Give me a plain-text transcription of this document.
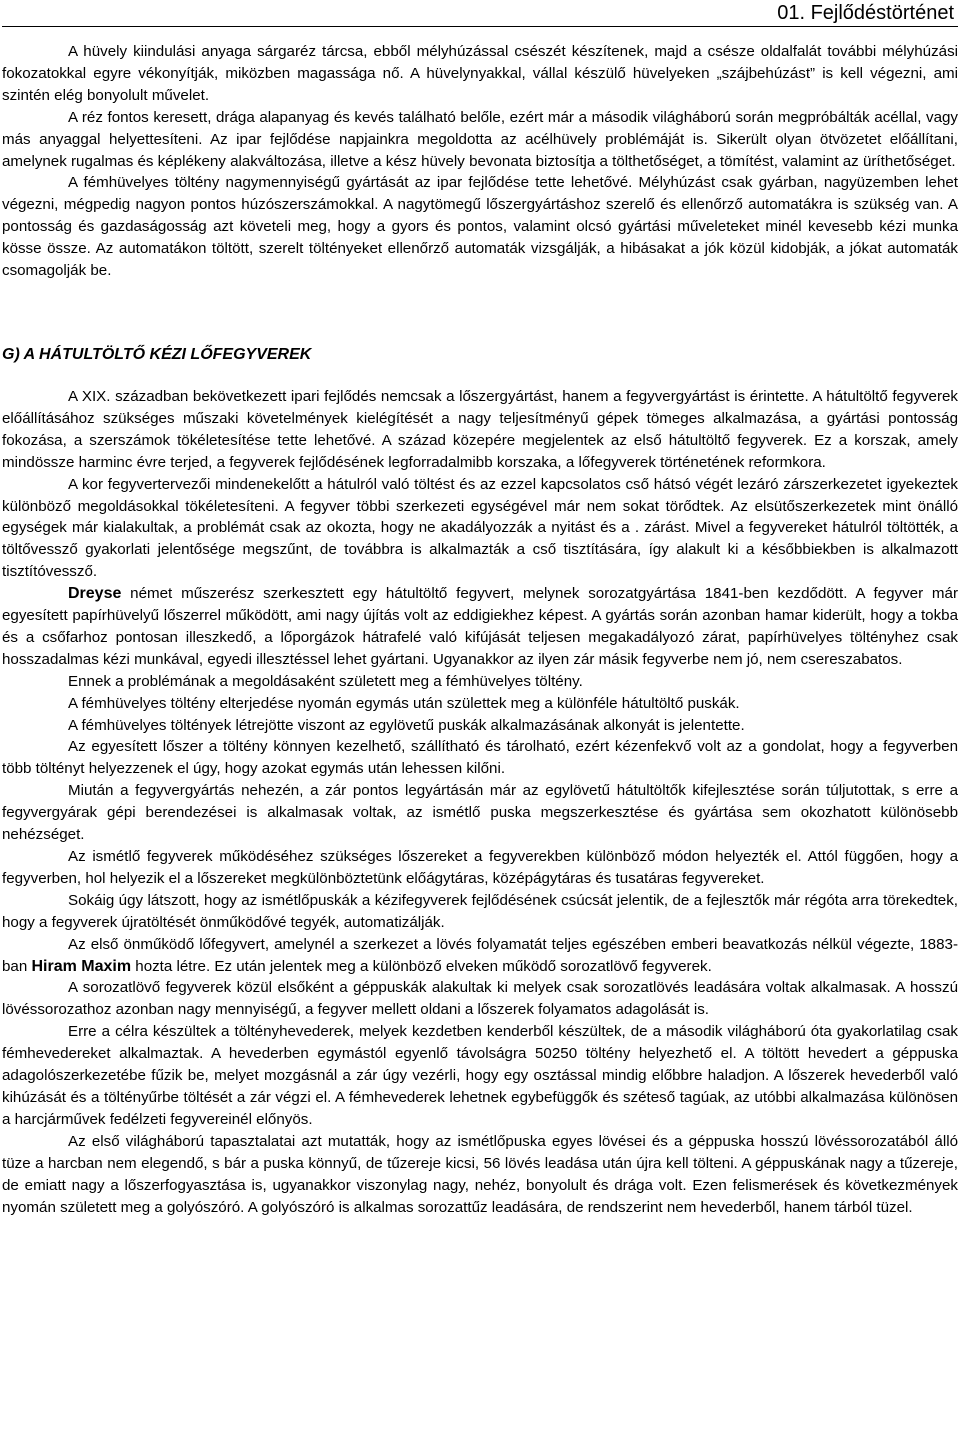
01. Fejlődéstörténet

A hüvely kiindulási anyaga sárgaréz tárcsa, ebből mélyhúzással csészét készítenek, majd a csésze oldalfalát további mélyhúzási fokozatokkal egyre vékonyítják, miközben magassága nő. A hüvelynyakkal, vállal készülő hüvelyeken „szájbehúzást” is kell végezni, ami szintén elég bonyolult művelet.

A réz fontos keresett, drága alapanyag és kevés található belőle, ezért már a második világháború során megpróbálták acéllal, vagy más anyaggal helyettesíteni. Az ipar fejlődése napjainkra megoldotta az acélhüvely problémáját is. Sikerült olyan ötvözetet előállítani, amelynek rugalmas és képlékeny alakváltozása, illetve a kész hüvely bevonata biztosítja a tölthetőséget, a tömítést, valamint az üríthetőséget.

A fémhüvelyes töltény nagymennyiségű gyártását az ipar fejlődése tette lehetővé. Mélyhúzást csak gyárban, nagyüzemben lehet végezni, mégpedig nagyon pontos húzószerszámokkal. A nagytömegű lőszergyártáshoz szerelő és ellenőrző automatákra is szükség van. A pontosság és gazdaságosság azt követeli meg, hogy a gyors és pontos, valamint olcsó gyártási műveleteket minél kevesebb kézi munka kösse össze. Az automatákon töltött, szerelt töltényeket ellenőrző automaták vizsgálják, a hibásakat a jók közül kidobják, a jókat automaták csomagolják be.

G) A HÁTULTÖLTŐ KÉZI LŐFEGYVEREK

A XIX. században bekövetkezett ipari fejlődés nemcsak a lőszergyártást, hanem a fegyvergyártást is érintette. A hátultöltő fegyverek előállításához szükséges műszaki követelmények kielégítését a nagy teljesítményű gépek tömeges alkalmazása, a gyártási pontosság fokozása, a szerszámok tökéletesítése tette lehetővé. A század közepére megjelentek az első hátultöltő fegyverek. Ez a korszak, amely mindössze harminc évre terjed, a fegyverek fejlődésének legforradalmibb korszaka, a lőfegyverek történetének reformkora.

A kor fegyvertervezői mindenekelőtt a hátulról való töltést és az ezzel kapcsolatos cső hátsó végét lezáró zárszerkezetet igyekeztek különböző megoldásokkal tökéletesíteni. A fegyver többi szerkezeti egységével már nem sokat törődtek. Az elsütőszerkezetek mint önálló egységek már kialakultak, a problémát csak az okozta, hogy ne akadályozzák a nyitást és a . zárást. Mivel a fegyvereket hátulról töltötték, a töltővessző gyakorlati jelentősége megszűnt, de továbbra is alkalmazták a cső tisztítására, így alakult ki a későbbiekben is alkalmazott tisztítóvessző.

Dreyse német műszerész szerkesztett egy hátultöltő fegyvert, melynek sorozatgyártása 1841-ben kezdődött. A fegyver már egyesített papírhüvelyű lőszerrel működött, ami nagy újítás volt az eddigiekhez képest. A gyártás során azonban hamar kiderült, hogy a tokba és a csőfarhoz pontosan illeszkedő, a lőporgázok hátrafelé való kifújását teljesen megakadályozó zárat, papírhüvelyes töltényhez csak hosszadalmas kézi munkával, egyedi illesztéssel lehet gyártani. Ugyanakkor az ilyen zár másik fegyverbe nem jó, nem csereszabatos.

Ennek a problémának a megoldásaként született meg a fémhüvelyes töltény.

A fémhüvelyes töltény elterjedése nyomán egymás után születtek meg a különféle hátultöltő puskák.

A fémhüvelyes töltények létrejötte viszont az egylövetű puskák alkalmazásának alkonyát is jelentette.

Az egyesített lőszer a töltény könnyen kezelhető, szállítható és tárolható, ezért kézenfekvő volt az a gondolat, hogy a fegyverben több töltényt helyezzenek el úgy, hogy azokat egymás után lehessen kilőni.

Miután a fegyvergyártás nehezén, a zár pontos legyártásán már az egylövetű hátultöltők kifejlesztése során túljutottak, s erre a fegyvergyárak gépi berendezései is alkalmasak voltak, az ismétlő puska megszerkesztése és gyártása sem okozhatott különösebb nehézséget.

Az ismétlő fegyverek működéséhez szükséges lőszereket a fegyverekben különböző módon helyezték el. Attól függően, hogy a fegyverben, hol helyezik el a lőszereket megkülönböztetünk előágytáras, középágytáras és tusatáras fegyvereket.

Sokáig úgy látszott, hogy az ismétlőpuskák a kézifegyverek fejlődésének csúcsát jelentik, de a fejlesztők már régóta arra törekedtek, hogy a fegyverek újratöltését önműködővé tegyék, automatizálják.

Az első önműködő lőfegyvert, amelynél a szerkezet a lövés folyamatát teljes egészében emberi beavatkozás nélkül végezte, 1883-ban Hiram Maxim hozta létre. Ez után jelentek meg a különböző elveken működő sorozatlövő fegyverek.

A sorozatlövő fegyverek közül elsőként a géppuskák alakultak ki melyek csak sorozatlövés leadására voltak alkalmasak. A hosszú lövéssorozathoz azonban nagy mennyiségű, a fegyver mellett oldani a lőszerek folyamatos adagolását is.

Erre a célra készültek a töltényhevederek, melyek kezdetben kenderből készültek, de a második világháború óta gyakorlatilag csak fémhevedereket alkalmaztak. A hevederben egymástól egyenlő távolságra 50250 töltény helyezhető el. A töltött hevedert a géppuska adagolószerkezetébe fűzik be, melyet mozgásnál a zár úgy vezérli, hogy egy osztással mindig előbbre haladjon. A lőszerek hevederből való kihúzását és a töltényűrbe töltését a zár végzi el. A fémhevederek lehetnek egybefüggők és széteső tagúak, az utóbbi alkalmazása különösen a harcjárművek fedélzeti fegyvereinél előnyös.

Az első világháború tapasztalatai azt mutatták, hogy az ismétlőpuska egyes lövései és a géppuska hosszú lövéssorozatából álló tüze a harcban nem elegendő, s bár a puska könnyű, de tűzereje kicsi, 56 lövés leadása után újra kell tölteni. A géppuskának nagy a tűzereje, de emiatt nagy a lőszerfogyasztása is, ugyanakkor viszonylag nagy, nehéz, bonyolult és drága volt. Ezen felismerések és következmények nyomán született meg a golyószóró. A golyószóró is alkalmas sorozattűz leadására, de rendszerint nem hevederből, hanem tárból tüzel.
